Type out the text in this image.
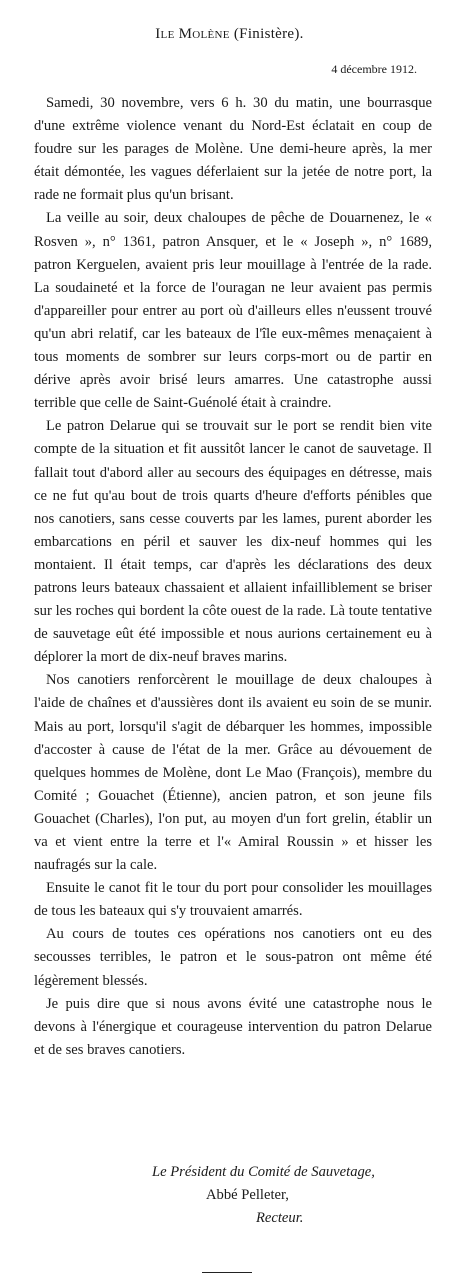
Ile Molène (Finistère).
4 décembre 1912.

Samedi, 30 novembre, vers 6 h. 30 du matin, une bourrasque d'une extrême violence venant du Nord-Est éclatait en coup de foudre sur les parages de Molène. Une demi-heure après, la mer était démontée, les vagues déferlaient sur la jetée de notre port, la rade ne formait plus qu'un brisant.

La veille au soir, deux chaloupes de pêche de Douarnenez, le « Rosven », n° 1361, patron Ansquer, et le « Joseph », n° 1689, patron Kerguelen, avaient pris leur mouillage à l'entrée de la rade. La soudaineté et la force de l'ouragan ne leur avaient pas permis d'appareiller pour entrer au port où d'ailleurs elles n'eussent trouvé qu'un abri relatif, car les bateaux de l'île eux-mêmes menaçaient à tous moments de sombrer sur leurs corps-mort ou de partir en dérive après avoir brisé leurs amarres. Une catastrophe aussi terrible que celle de Saint-Guénolé était à craindre.

Le patron Delarue qui se trouvait sur le port se rendit bien vite compte de la situation et fit aussitôt lancer le canot de sauvetage. Il fallait tout d'abord aller au secours des équipages en détresse, mais ce ne fut qu'au bout de trois quarts d'heure d'efforts pénibles que nos canotiers, sans cesse couverts par les lames, purent aborder les embarcations en péril et sauver les dix-neuf hommes qui les montaient. Il était temps, car d'après les déclarations des deux patrons leurs bateaux chassaient et allaient infailliblement se briser sur les roches qui bordent la côte ouest de la rade. Là toute tentative de sauvetage eût été impossible et nous aurions certainement eu à déplorer la mort de dix-neuf braves marins.

Nos canotiers renforcèrent le mouillage de deux chaloupes à l'aide de chaînes et d'aussières dont ils avaient eu soin de se munir. Mais au port, lorsqu'il s'agit de débarquer les hommes, impossible d'accoster à cause de l'état de la mer. Grâce au dévouement de quelques hommes de Molène, dont Le Mao (François), membre du Comité ; Gouachet (Étienne), ancien patron, et son jeune fils Gouachet (Charles), l'on put, au moyen d'un fort grelin, établir un va et vient entre la terre et l'« Amiral Roussin » et hisser les naufragés sur la cale.

Ensuite le canot fit le tour du port pour consolider les mouillages de tous les bateaux qui s'y trouvaient amarrés.

Au cours de toutes ces opérations nos canotiers ont eu des secousses terribles, le patron et le sous-patron ont même été légèrement blessés.

Je puis dire que si nous avons évité une catastrophe nous le devons à l'énergique et courageuse intervention du patron Delarue et de ses braves canotiers.

Le Président du Comité de Sauvetage,
Abbé Pelleter,
Recteur.
